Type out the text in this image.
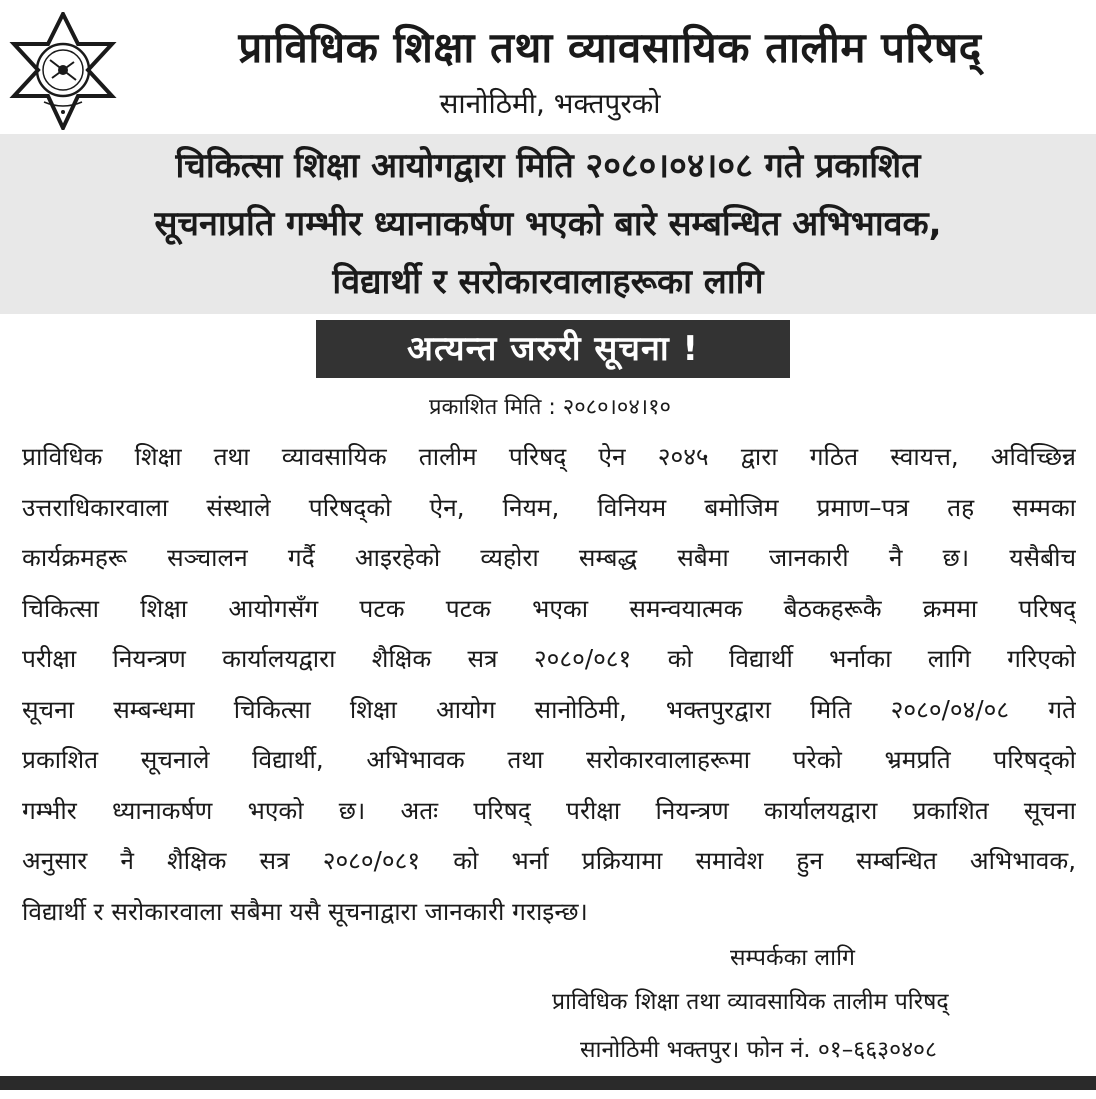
प्राविधिक शिक्षा तथा व्यावसायिक तालीम परिषद्
सानोठिमी, भक्तपुरको
चिकित्सा शिक्षा आयोगद्वारा मिति २०८०।०४।०८ गते प्रकाशित
सूचनाप्रति गम्भीर ध्यानाकर्षण भएको बारे सम्बन्धित अभिभावक,
विद्यार्थी र सरोकारवालाहरूका लागि
अत्यन्त जरुरी सूचना !
प्रकाशित मिति : २०८०।०४।१०
प्राविधिक शिक्षा तथा व्यावसायिक तालीम परिषद् ऐन २०४५ द्वारा गठित स्वायत्त, अविच्छिन्न
उत्तराधिकारवाला संस्थाले परिषद्को ऐन, नियम, विनियम बमोजिम प्रमाण–पत्र तह सम्मका
कार्यक्रमहरू सञ्चालन गर्दै आइरहेको व्यहोरा सम्बद्ध सबैमा जानकारी नै छ। यसैबीच
चिकित्सा शिक्षा आयोगसँग पटक पटक भएका समन्वयात्मक बैठकहरूकै क्रममा परिषद्
परीक्षा नियन्त्रण कार्यालयद्वारा शैक्षिक सत्र २०८०/०८१ को विद्यार्थी भर्नाका लागि गरिएको
सूचना सम्बन्धमा चिकित्सा शिक्षा आयोग सानोठिमी, भक्तपुरद्वारा मिति २०८०/०४/०८ गते
प्रकाशित सूचनाले विद्यार्थी, अभिभावक तथा सरोकारवालाहरूमा परेको भ्रमप्रति परिषद्को
गम्भीर ध्यानाकर्षण भएको छ। अतः परिषद् परीक्षा नियन्त्रण कार्यालयद्वारा प्रकाशित सूचना
अनुसार नै शैक्षिक सत्र २०८०/०८१ को भर्ना प्रक्रियामा समावेश हुन सम्बन्धित अभिभावक,
विद्यार्थी र सरोकारवाला सबैमा यसै सूचनाद्वारा जानकारी गराइन्छ।
सम्पर्कका लागि
प्राविधिक शिक्षा तथा व्यावसायिक तालीम परिषद्
सानोठिमी भक्तपुर। फोन नं. ०१–६६३०४०८
